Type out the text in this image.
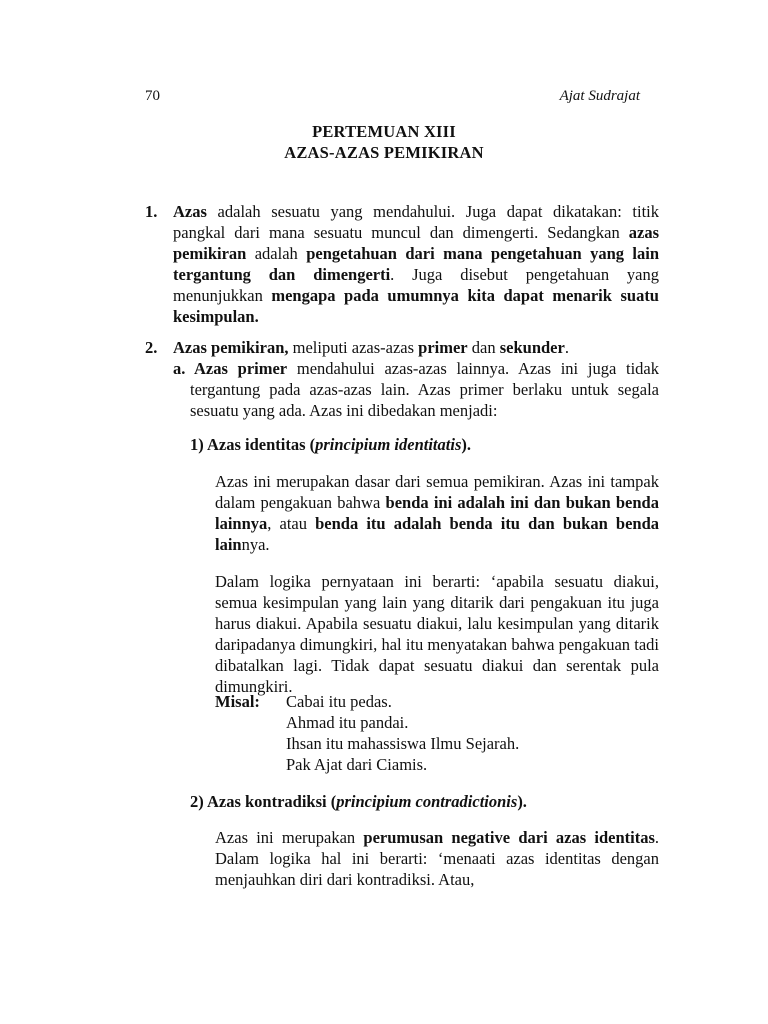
70	Ajat Sudrajat
PERTEMUAN XIII
AZAS-AZAS PEMIKIRAN
1. Azas adalah sesuatu yang mendahului. Juga dapat dikatakan: titik pangkal dari mana sesuatu muncul dan dimengerti. Sedangkan azas pemikiran adalah pengetahuan dari mana pengetahuan yang lain tergantung dan dimengerti. Juga disebut pengetahuan yang menunjukkan mengapa pada umumnya kita dapat menarik suatu kesimpulan.
2. Azas pemikiran, meliputi azas-azas primer dan sekunder.
a. Azas primer mendahului azas-azas lainnya. Azas ini juga tidak tergantung pada azas-azas lain. Azas primer berlaku untuk segala sesuatu yang ada. Azas ini dibedakan menjadi:
1) Azas identitas (principium identitatis).
Azas ini merupakan dasar dari semua pemikiran. Azas ini tampak dalam pengakuan bahwa benda ini adalah ini dan bukan benda lainnya, atau benda itu adalah benda itu dan bukan benda lainnya.
Dalam logika pernyataan ini berarti: ‘apabila sesuatu diakui, semua kesimpulan yang lain yang ditarik dari pengakuan itu juga harus diakui. Apabila sesuatu diakui, lalu kesimpulan yang ditarik daripadanya dimungkiri, hal itu menyatakan bahwa pengakuan tadi dibatalkan lagi. Tidak dapat sesuatu diakui dan serentak pula dimungkiri.
Misal: Cabai itu pedas.
Ahmad itu pandai.
Ihsan itu mahassiswa Ilmu Sejarah.
Pak Ajat dari Ciamis.
2) Azas kontradiksi (principium contradictionis).
Azas ini merupakan perumusan negative dari azas identitas. Dalam logika hal ini berarti: ‘menaati azas identitas dengan menjauhkan diri dari kontradiksi. Atau,
